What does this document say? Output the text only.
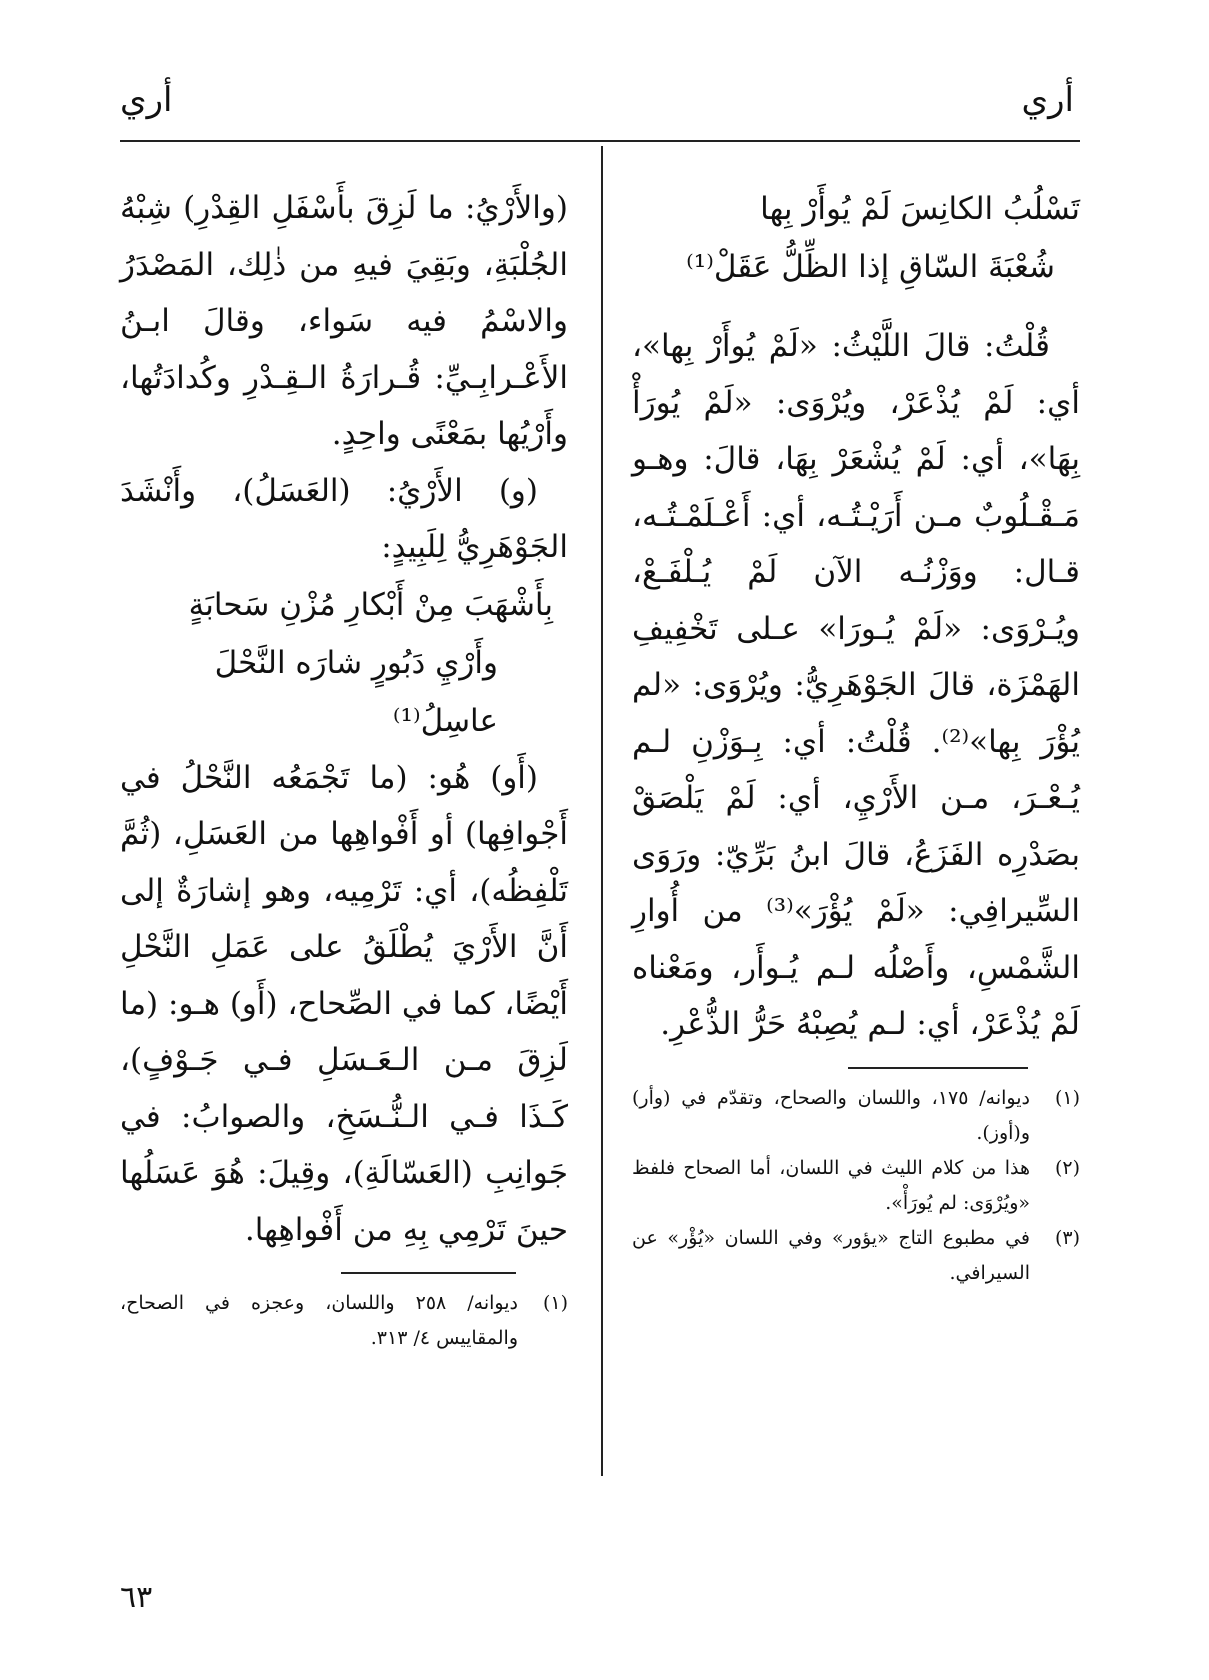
أري
أري
تَسْلُبُ الكانِسَ لَمْ يُوأَرْ بِها
شُعْبَةَ السّاقِ إذا الظِّلُّ عَقَلْ⁽¹⁾

قُلْتُ: قالَ اللَّيْثُ: «لَمْ يُوأَرْ بِها»، أي: لَمْ يُذْعَرْ، ويُرْوَى: «لَمْ يُورَأْ بِهَا»، أي: لَمْ يُشْعَرْ بِهَا، قالَ: وهـو مَـقْـلُوبٌ مـن أَرَيْـتُـه، أي: أَعْـلَمْـتُـه، قـال: ووَزْنُـه الآن لَمْ يُـلْفَـعْ، ويُـرْوَى: «لَمْ يُـورَا» عـلى تَخْفِيفِ الهَمْزَة، قالَ الجَوْهَرِيُّ: ويُرْوَى: «لم يُؤْرَ بِها»⁽²⁾. قُلْتُ: أي: بِـوَزْنِ لـم يُـعْـرَ، مـن الأَرْيِ، أي: لَمْ يَلْصَقْ بصَدْرِه الفَزَعُ، قالَ ابنُ بَرِّيّ: ورَوَى السِّيرافِي: «لَمْ يُؤْرَ»⁽³⁾ من أُوارِ الشَّمْسِ، وأَصْلُه لـم يُـوأَر، ومَعْناه لَمْ يُذْعَرْ، أي: لـم يُصِبْهُ حَرُّ الذُّعْرِ.

(١)
ديوانه/ ١٧٥، واللسان والصحاح، وتقدّم في (وأر) و(أوز).
(٢)
هذا من كلام الليث في اللسان، أما الصحاح فلفظ «ويُرْوَى: لم يُورَأْ».
(٣)
في مطبوع التاج «يؤور» وفي اللسان «يُؤْر» عن السيرافي.

(والأَرْيُ: ما لَزِقَ بأَسْفَلِ القِدْرِ) شِبْهُ الجُلْبَةِ، وبَقِيَ فيهِ من ذٰلِك، المَصْدَرُ والاسْمُ فيه سَواء، وقالَ ابـنُ الأَعْـرابِـيِّ: قُـرارَةُ الـقِـدْرِ وكُدادَتُها، وأَرْيُها بمَعْنًى واحِدٍ.

(و) الأَرْيُ: (العَسَلُ)، وأَنْشَدَ الجَوْهَرِيُّ لِلَبِيدٍ:

بِأَشْهَبَ مِنْ أَبْكارِ مُزْنِ سَحابَةٍ
وأَرْيِ دَبُورٍ شارَه النَّحْلَ عاسِلُ⁽¹⁾

(أَو) هُو: (ما تَجْمَعُه النَّحْلُ في أَجْوافِها) أو أَفْواهِها من العَسَلِ، (ثُمَّ تَلْفِظُه)، أي: تَرْمِيه، وهو إشارَةٌ إلى أَنَّ الأَرْيَ يُطْلَقُ على عَمَلِ النَّحْلِ أَيْضًا، كما في الصِّحاح، (أَو) هـو: (ما لَزِقَ مـن الـعَـسَلِ فـي جَـوْفٍ)، كَـذَا فـي الـنُّـسَخِ، والصوابُ: في جَوانِبِ (العَسّالَةِ)، وقِيلَ: هُوَ عَسَلُها حينَ تَرْمِي بِهِ من أَفْواهِها.

(١)
ديوانه/ ٢٥٨ واللسان، وعجزه في الصحاح، والمقاييس ٤/ ٣١٣.
٦٣
